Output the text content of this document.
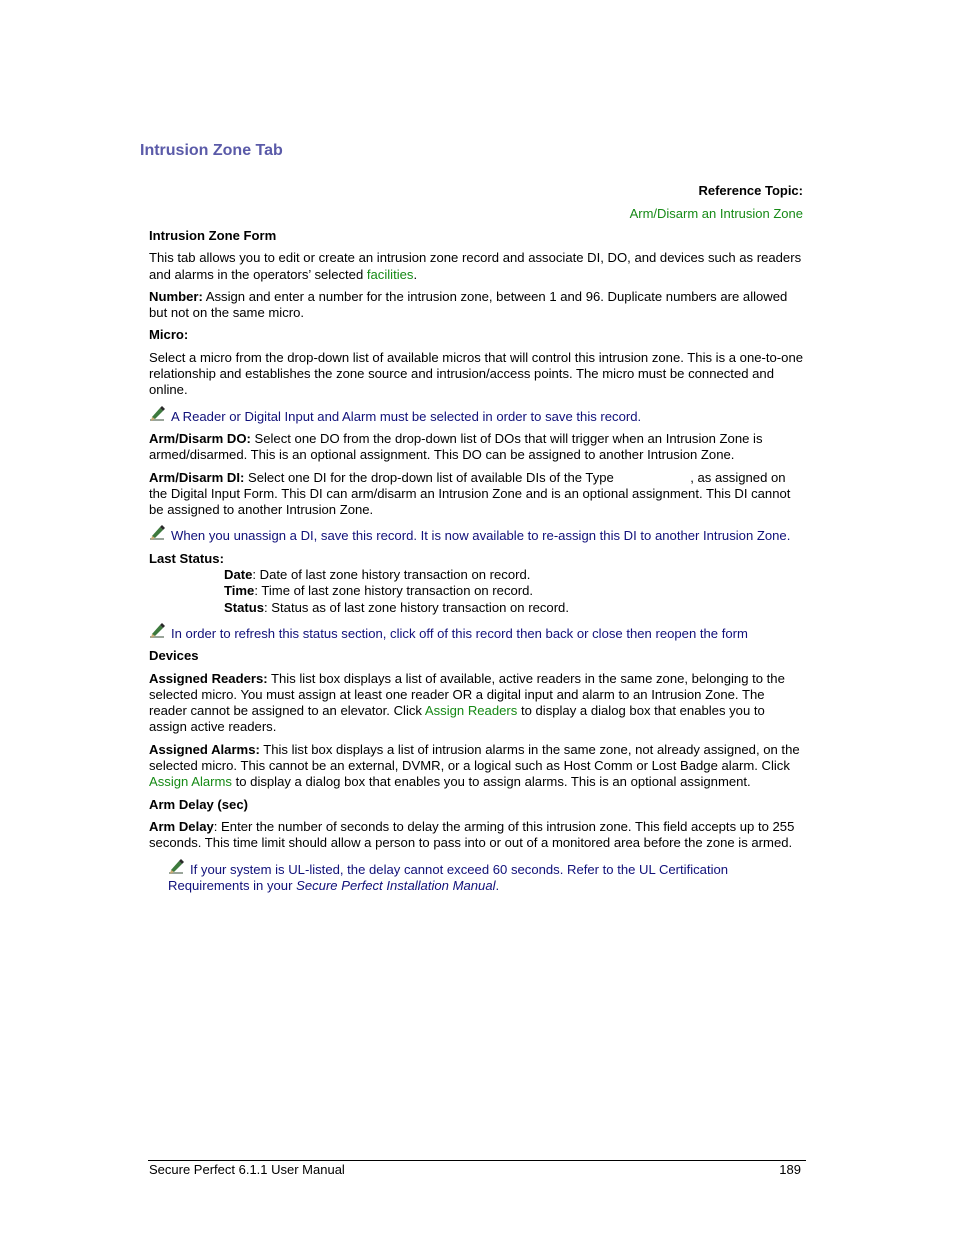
Intrusion Zone Tab
Reference Topic:
Arm/Disarm an Intrusion Zone

Intrusion Zone Form

This tab allows you to edit or create an intrusion zone record and associate DI, DO, and devices such as readers and alarms in the operators’ selected facilities.

Number: Assign and enter a number for the intrusion zone, between 1 and 96. Duplicate numbers are allowed but not on the same micro.

Micro:

Select a micro from the drop-down list of available micros that will control this intrusion zone. This is a one-to-one relationship and establishes the zone source and intrusion/access points. The micro must be connected and online.

A Reader or Digital Input and Alarm must be selected in order to save this record.

Arm/Disarm DO: Select one DO from the drop-down list of DOs that will trigger when an Intrusion Zone is armed/disarmed. This is an optional assignment. This DO can be assigned to another Intrusion Zone.

Arm/Disarm DI: Select one DI for the drop-down list of available DIs of the Type                     , as assigned on the Digital Input Form. This DI can arm/disarm an Intrusion Zone and is an optional assignment. This DI cannot be assigned to another Intrusion Zone.

When you unassign a DI, save this record. It is now available to re-assign this DI to another Intrusion Zone.

Last Status:

Date: Date of last zone history transaction on record.

Time: Time of last zone history transaction on record.

Status: Status as of last zone history transaction on record.

In order to refresh this status section, click off of this record then back or close then reopen the form

Devices

Assigned Readers: This list box displays a list of available, active readers in the same zone, belonging to the selected micro. You must assign at least one reader OR a digital input and alarm to an Intrusion Zone. The reader cannot be assigned to an elevator. Click Assign Readers to display a dialog box that enables you to assign active readers.

Assigned Alarms: This list box displays a list of intrusion alarms in the same zone, not already assigned, on the selected micro. This cannot be an external, DVMR, or a logical such as Host Comm or Lost Badge alarm. Click Assign Alarms to display a dialog box that enables you to assign alarms. This is an optional assignment.

Arm Delay (sec)

Arm Delay: Enter the number of seconds to delay the arming of this intrusion zone. This field accepts up to 255 seconds. This time limit should allow a person to pass into or out of a monitored area before the zone is armed.

If your system is UL-listed, the delay cannot exceed 60 seconds. Refer to the UL Certification Requirements in your Secure Perfect Installation Manual.

Secure Perfect 6.1.1 User Manual	189
